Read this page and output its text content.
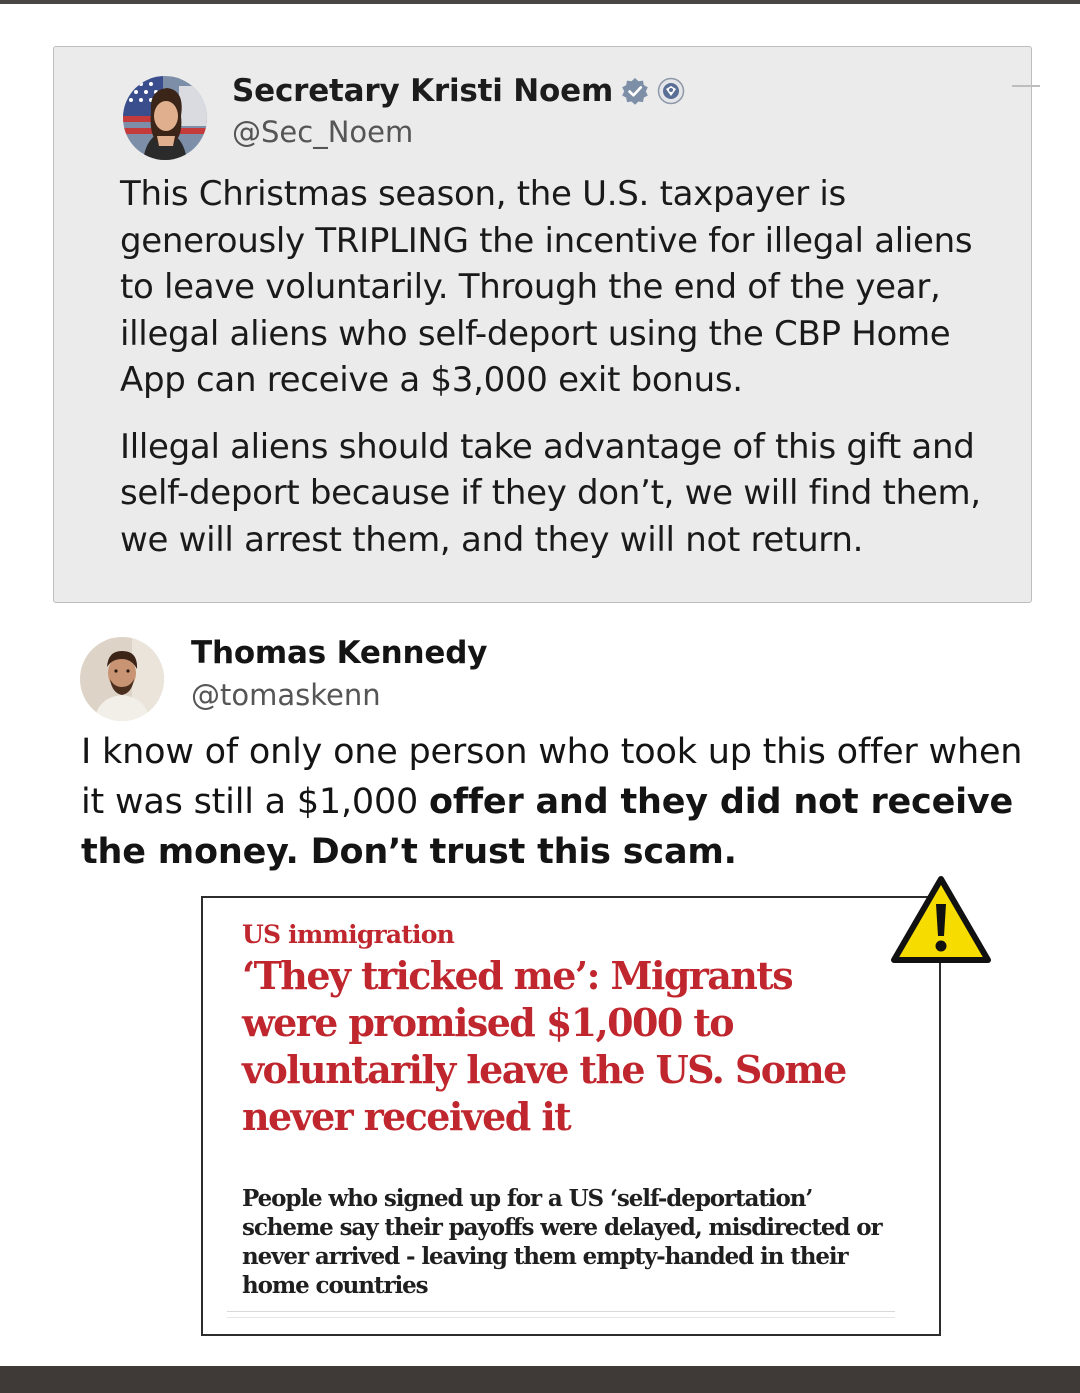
Secretary Kristi Noem
@Sec_Noem

This Christmas season, the U.S. taxpayer is generously TRIPLING the incentive for illegal aliens to leave voluntarily. Through the end of the year, illegal aliens who self-deport using the CBP Home App can receive a $3,000 exit bonus.

Illegal aliens should take advantage of this gift and self-deport because if they don’t, we will find them, we will arrest them, and they will not return.

Thomas Kennedy
@tomaskenn
I know of only one person who took up this offer when it was still a $1,000 offer and they did not receive the money. Don’t trust this scam.
US immigration
‘They tricked me’: Migrants were promised $1,000 to voluntarily leave the US. Some never received it
People who signed up for a US ‘self-deportation’ scheme say their payoffs were delayed, misdirected or never arrived - leaving them empty-handed in their home countries
